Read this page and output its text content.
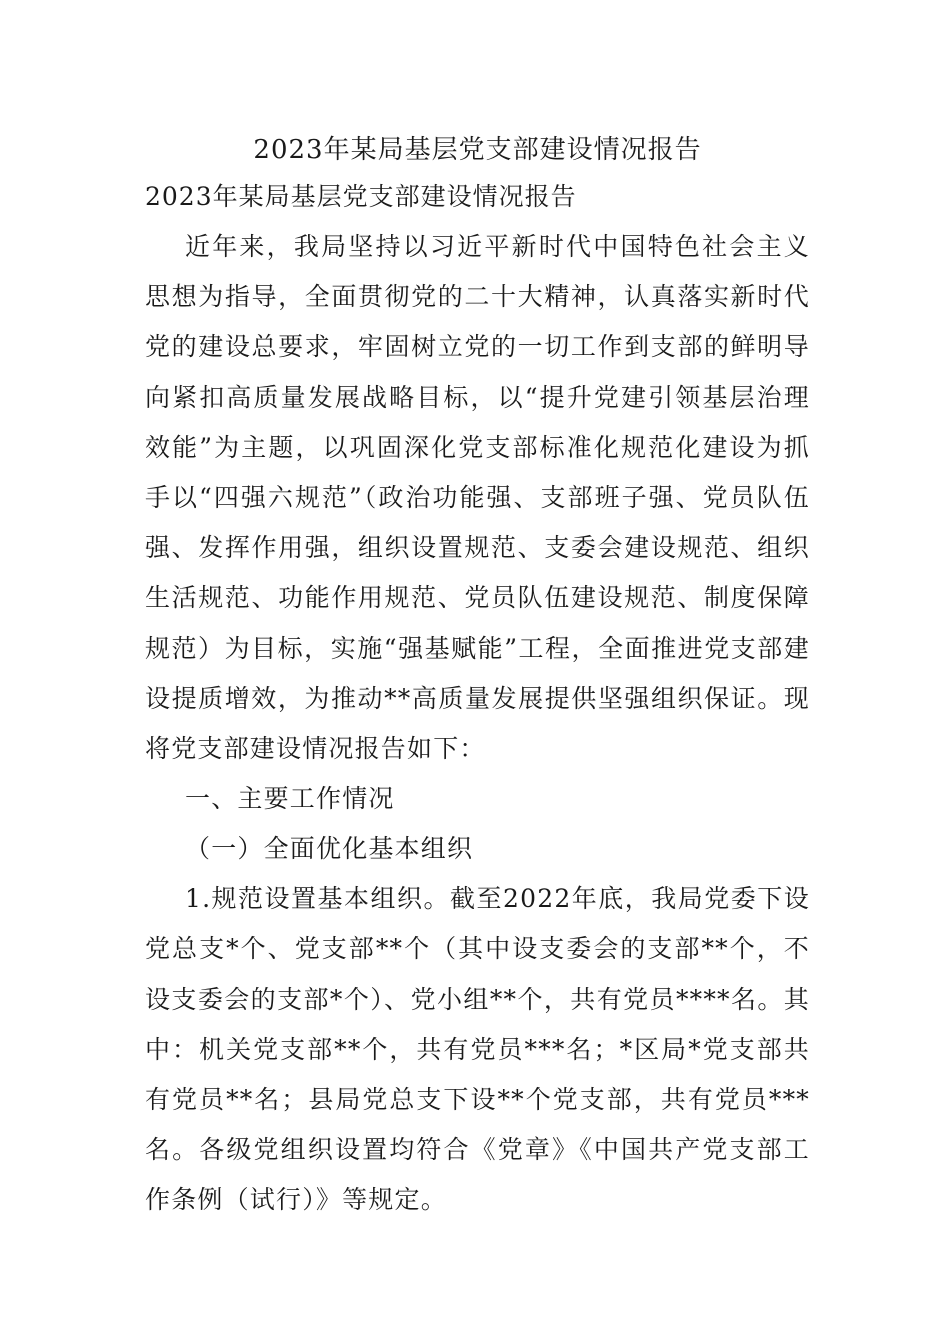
2023年某局基层党支部建设情况报告

2023年某局基层党支部建设情况报告

近年来，我局坚持以习近平新时代中国特色社会主义思想为指导，全面贯彻党的二十大精神，认真落实新时代党的建设总要求，牢固树立党的一切工作到支部的鲜明导向紧扣高质量发展战略目标，以“提升党建引领基层治理效能”为主题，以巩固深化党支部标准化规范化建设为抓手以“四强六规范”（政治功能强、支部班子强、党员队伍强、发挥作用强，组织设置规范、支委会建设规范、组织生活规范、功能作用规范、党员队伍建设规范、制度保障规范）为目标，实施“强基赋能”工程，全面推进党支部建设提质增效，为推动**高质量发展提供坚强组织保证。现将党支部建设情况报告如下：

一、主要工作情况

（一）全面优化基本组织

1.规范设置基本组织。截至2022年底，我局党委下设党总支*个、党支部**个（其中设支委会的支部**个，不设支委会的支部*个）、党小组**个，共有党员****名。其中：机关党支部**个，共有党员***名；*区局*党支部共有党员**名；县局党总支下设**个党支部，共有党员***名。各级党组织设置均符合《党章》《中国共产党支部工作条例（试行）》等规定。
